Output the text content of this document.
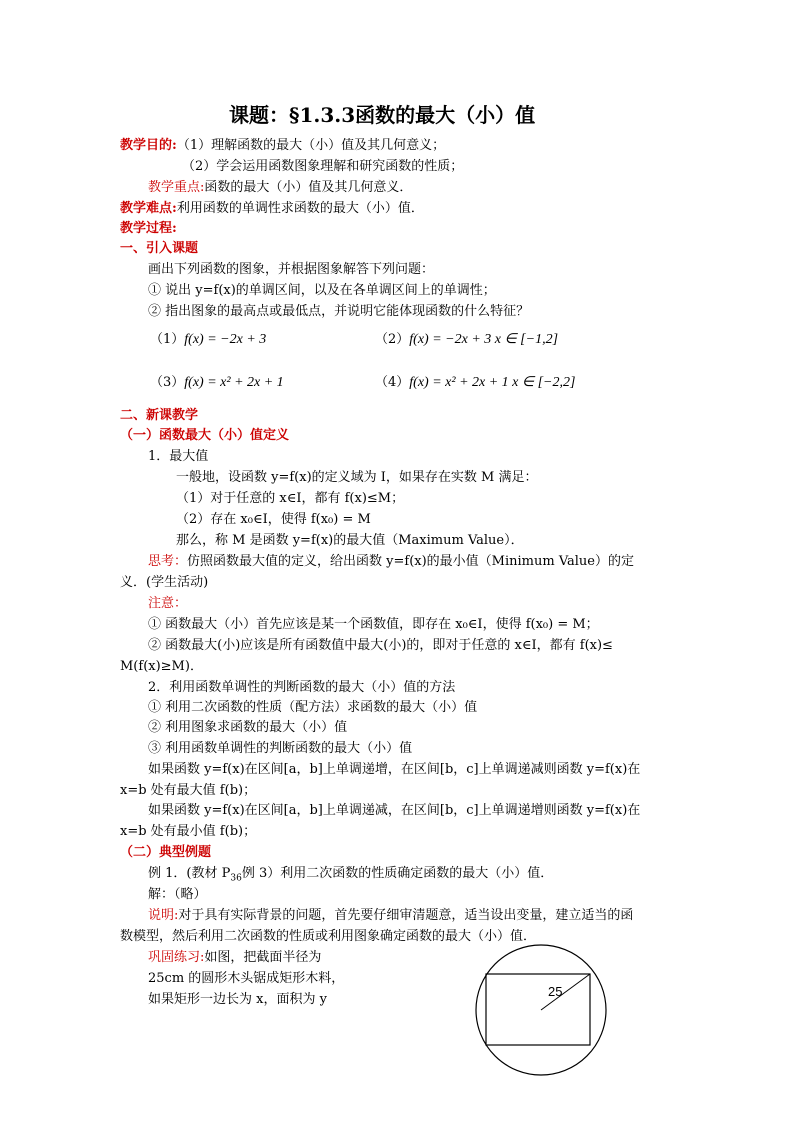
课题：§1.3.3函数的最大（小）值
教学目的:（1）理解函数的最大（小）值及其几何意义；
（2）学会运用函数图象理解和研究函数的性质；
教学重点:函数的最大（小）值及其几何意义．
教学难点:利用函数的单调性求函数的最大（小）值．
教学过程:
一、引入课题
画出下列函数的图象，并根据图象解答下列问题：
① 说出 y=f(x)的单调区间，以及在各单调区间上的单调性；
② 指出图象的最高点或最低点，并说明它能体现函数的什么特征？
（1）f(x) = −2x + 3	（2）f(x) = −2x + 3 x ∈ [−1,2]
（3）f(x) = x² + 2x + 1	（4）f(x) = x² + 2x + 1 x ∈ [−2,2]
二、新课教学
（一）函数最大（小）值定义
1．最大值
一般地，设函数 y=f(x)的定义域为 I，如果存在实数 M 满足：
（1）对于任意的 x∈I，都有 f(x)≤M；
（2）存在 x₀∈I，使得 f(x₀) = M
那么，称 M 是函数 y=f(x)的最大值（Maximum Value）．
思考：仿照函数最大值的定义，给出函数 y=f(x)的最小值（Minimum Value）的定
义．(学生活动)
注意：
① 函数最大（小）首先应该是某一个函数值，即存在 x₀∈I，使得 f(x₀) = M；
② 函数最大(小)应该是所有函数值中最大(小)的，即对于任意的 x∈I，都有 f(x)≤
M(f(x)≥M)．
2．利用函数单调性的判断函数的最大（小）值的方法
① 利用二次函数的性质（配方法）求函数的最大（小）值
② 利用图象求函数的最大（小）值
③ 利用函数单调性的判断函数的最大（小）值
如果函数 y=f(x)在区间[a，b]上单调递增，在区间[b，c]上单调递减则函数 y=f(x)在
x=b 处有最大值 f(b)；
如果函数 y=f(x)在区间[a，b]上单调递减，在区间[b，c]上单调递增则函数 y=f(x)在
x=b 处有最小值 f(b)；
（二）典型例题
例 1．(教材 $P_{36}$例 3）利用二次函数的性质确定函数的最大（小）值．
解：（略）
说明:对于具有实际背景的问题，首先要仔细审清题意，适当设出变量，建立适当的函
数模型，然后利用二次函数的性质或利用图象确定函数的最大（小）值．
巩固练习:如图，把截面半径为
25cm 的圆形木头锯成矩形木料，
如果矩形一边长为 x，面积为 y
25
